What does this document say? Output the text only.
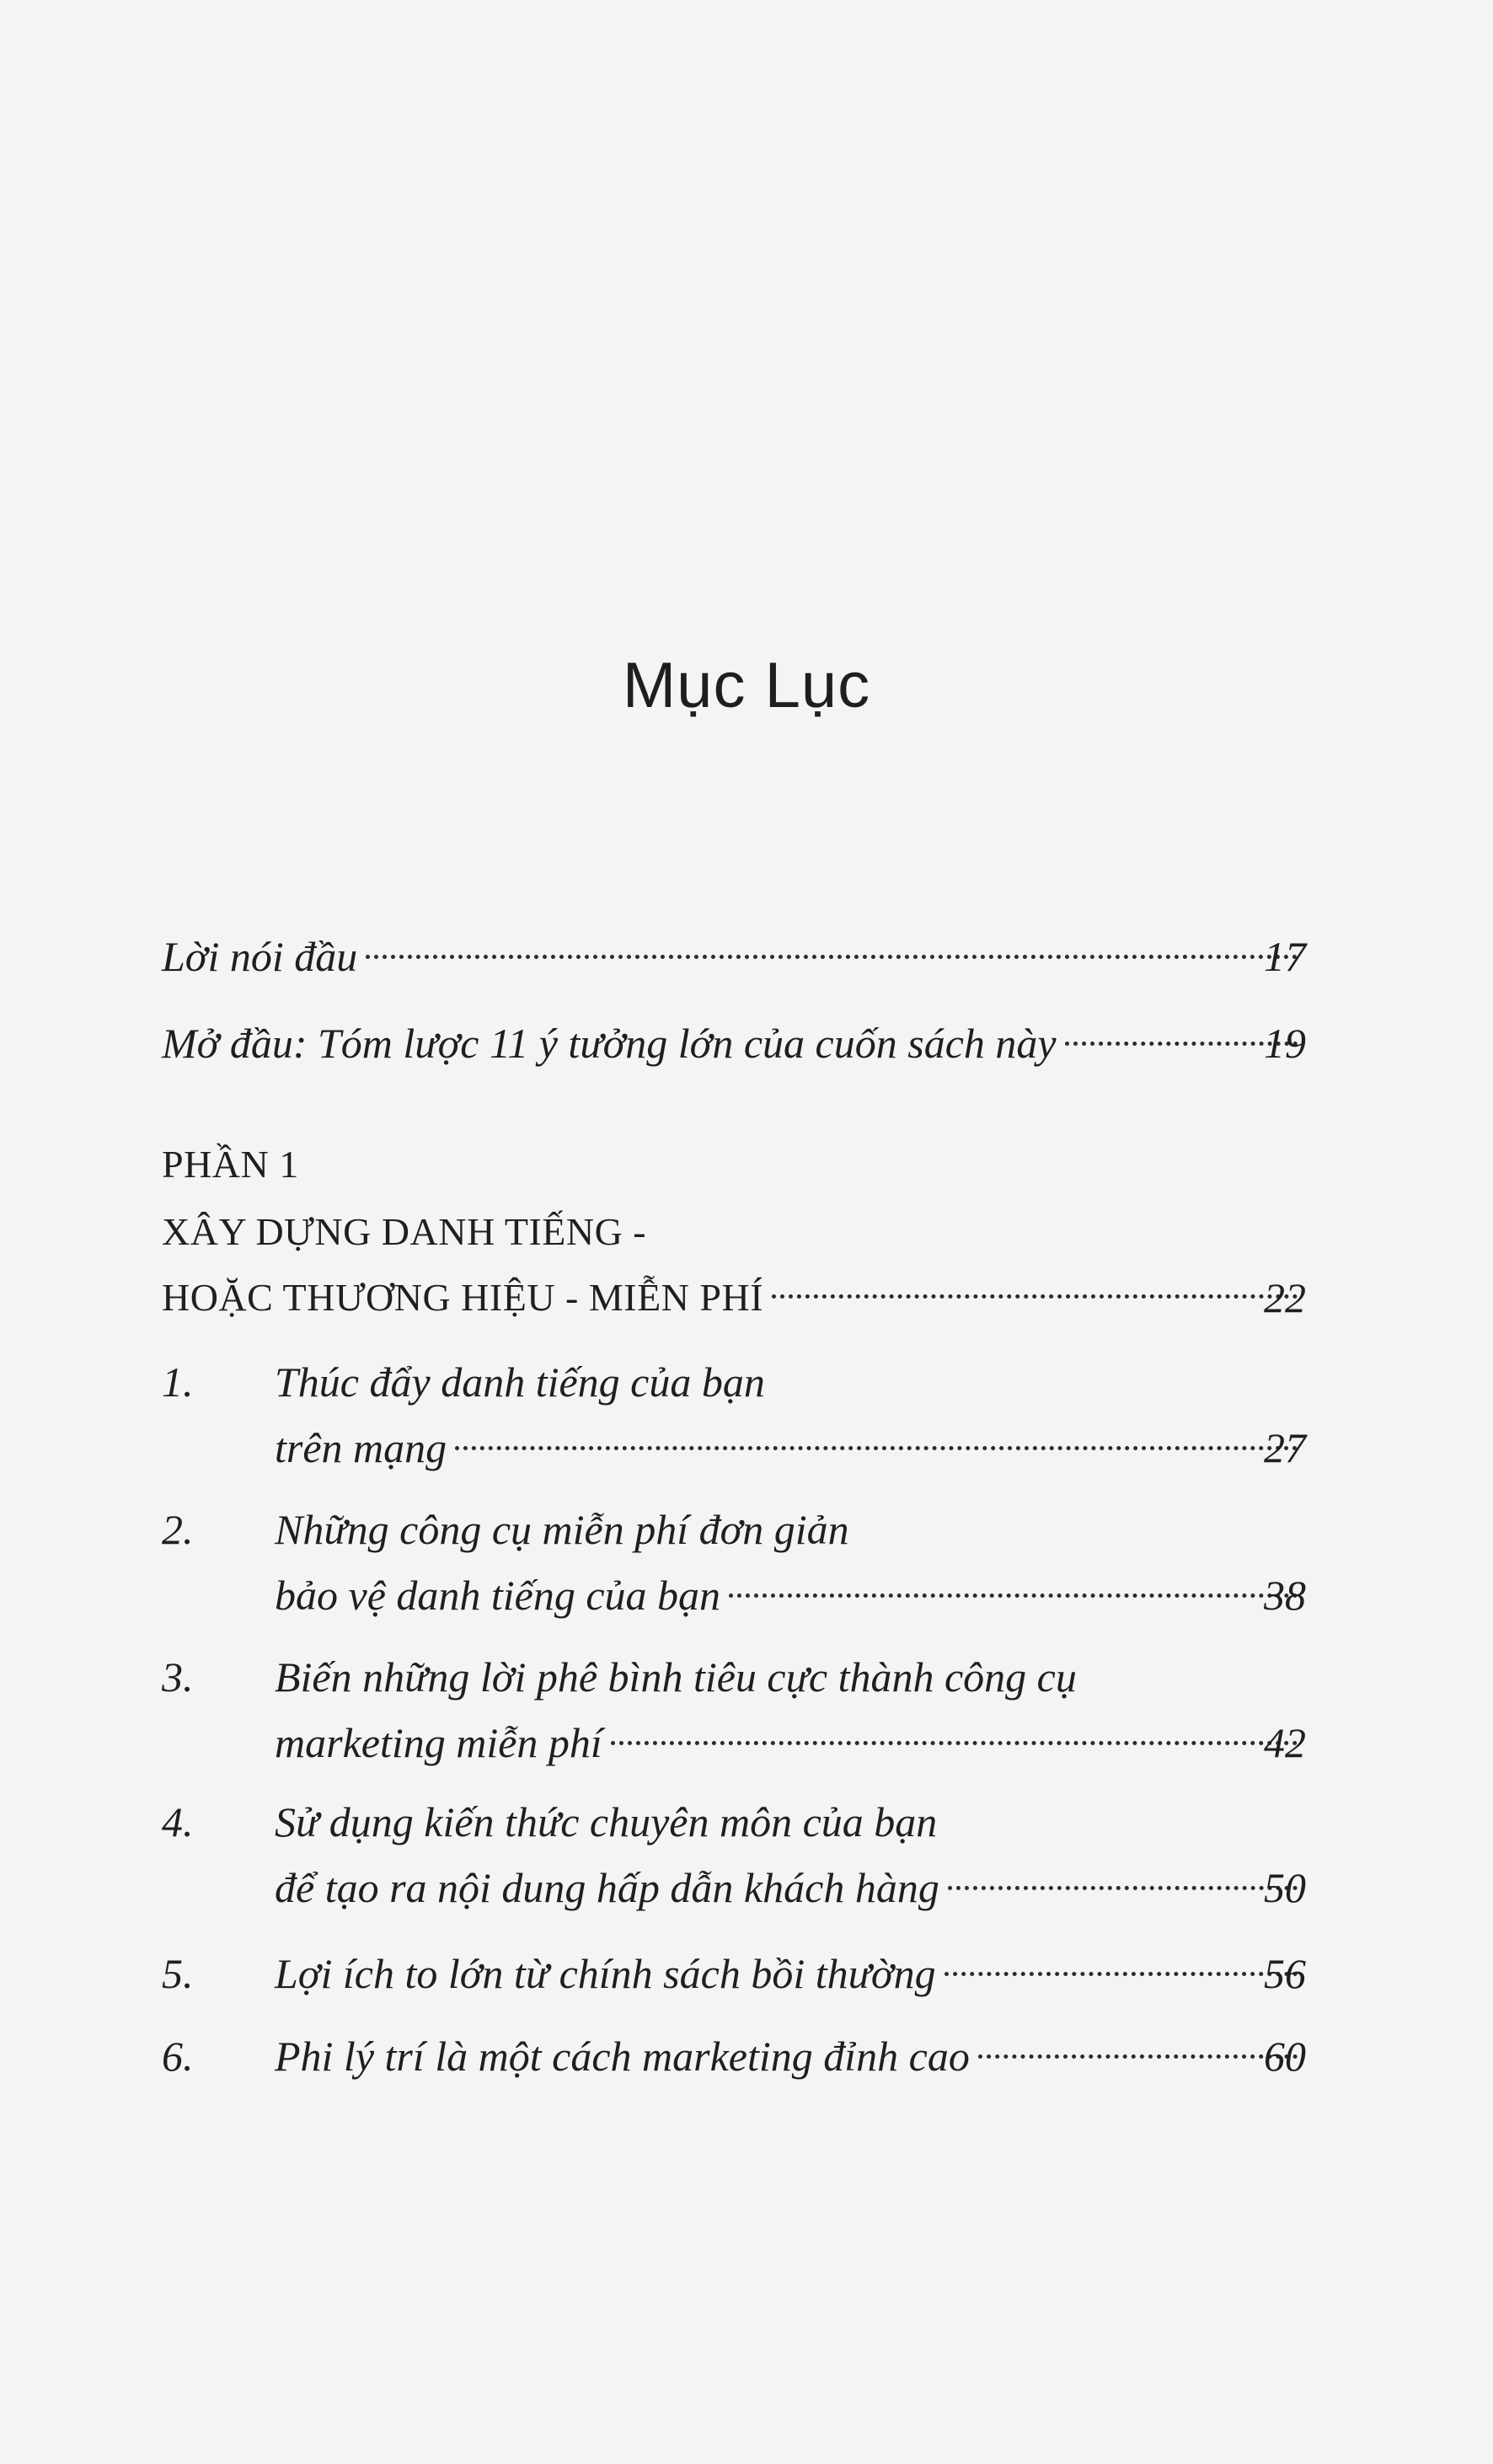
Mục Lục
Lời nói đầu	17
Mở đầu: Tóm lược 11 ý tưởng lớn của cuốn sách này	19
PHẦN 1
XÂY DỰNG DANH TIẾNG -
HOẶC THƯƠNG HIỆU - MIỄN PHÍ	22
1. Thúc đẩy danh tiếng của bạn
trên mạng	27
2. Những công cụ miễn phí đơn giản
bảo vệ danh tiếng của bạn	38
3. Biến những lời phê bình tiêu cực thành công cụ
marketing miễn phí	42
4. Sử dụng kiến thức chuyên môn của bạn
để tạo ra nội dung hấp dẫn khách hàng	50
5. Lợi ích to lớn từ chính sách bồi thường	56
6. Phi lý trí là một cách marketing đỉnh cao	60
